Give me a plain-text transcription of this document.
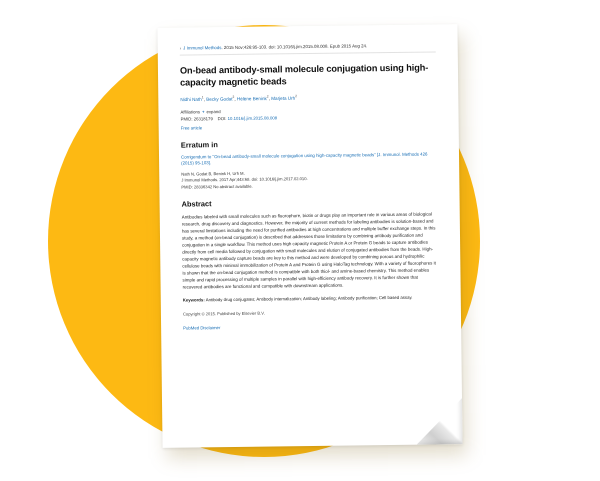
› J Immunol Methods. 2015 Nov;426:95-103. doi: 10.1016/j.jim.2015.08.008. Epub 2015 Aug 24.
On-bead antibody-small molecule conjugation using high-capacity magnetic beads
Nidhi Nath$^1$, Becky Godat$^2$, Hélène Benink$^2$, Marjeta Urh$^2$
Affiliations + expand
PMID: 26318179 DOI: 10.1016/j.jim.2015.08.008
Free article
Erratum in
Corrigendum to "On-bead antibody-small molecule conjugation using high-capacity magnetic beads" [J. Immunol. Methods 426 (2015) 95-103].
Nath N, Godat B, Benink H, Urh M.
J Immunol Methods. 2017 Apr;443:68. doi: 10.1016/j.jim.2017.02.010.
PMID: 28336342 No abstract available.
Abstract

Antibodies labeled with small molecules such as fluorophore, biotin or drugs play an important role in various areas of biological research, drug discovery and diagnostics. However, the majority of current methods for labeling antibodies is solution-based and has several limitations including the need for purified antibodies at high concentrations and multiple buffer exchange steps. In this study, a method (on-bead conjugation) is described that addresses those limitations by combining antibody purification and conjugation in a single workflow. This method uses high capacity magnetic Protein A or Protein G beads to capture antibodies directly from cell media followed by conjugation with small molecules and elution of conjugated antibodies from the beads. High-capacity magnetic antibody capture beads are key to this method and were developed by combining porous and hydrophilic cellulose beads with minimal immobilization of Protein A and Protein G using HaloTag technology. With a variety of fluorophores it is shown that the on-bead conjugation method is compatible with both thiol- and amine-based chemistry. This method enables simple and rapid processing of multiple samples in parallel with high-efficiency antibody recovery. It is further shown that recovered antibodies are functional and compatible with downstream applications.

Keywords: Antibody drug conjugates; Antibody internalization; Antibody labeling; Antibody purification; Cell based assay.
Copyright © 2015. Published by Elsevier B.V.
PubMed Disclaimer
